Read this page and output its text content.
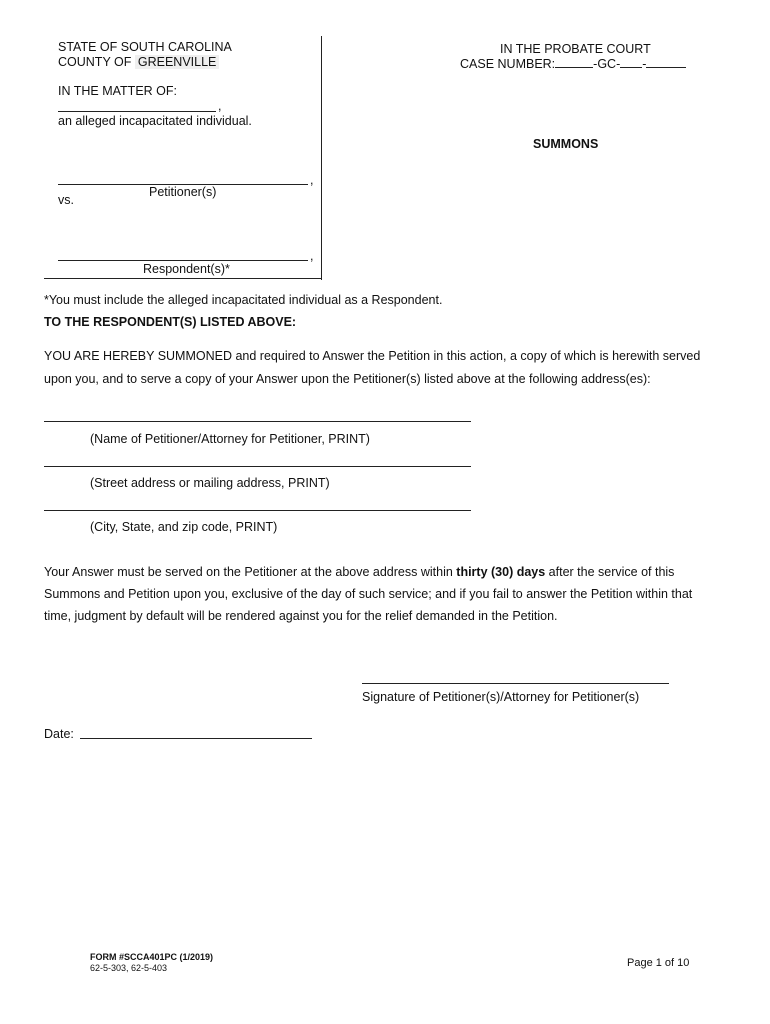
STATE OF SOUTH CAROLINA
COUNTY OF GREENVILLE
IN THE PROBATE COURT
CASE NUMBER:	-GC- -
IN THE MATTER OF:
,
an alleged incapacitated individual.
,
Petitioner(s)
vs.
,
Respondent(s)*
SUMMONS
*You must include the alleged incapacitated individual as a Respondent.
TO THE RESPONDENT(S) LISTED ABOVE:
YOU ARE HEREBY SUMMONED and required to Answer the Petition in this action, a copy of which is herewith served
upon you, and to serve a copy of your Answer upon the Petitioner(s) listed above at the following address(es):
(Name of Petitioner/Attorney for Petitioner, PRINT)
(Street address or mailing address, PRINT)
(City, State, and zip code, PRINT)
Your Answer must be served on the Petitioner at the above address within thirty (30) days after the service of this
Summons and Petition upon you, exclusive of the day of such service; and if you fail to answer the Petition within that
time, judgment by default will be rendered against you for the relief demanded in the Petition.
Signature of Petitioner(s)/Attorney for Petitioner(s)
Date:
FORM #SCCA401PC (1/2019)
62-5-303, 62-5-403	Page 1 of 10
